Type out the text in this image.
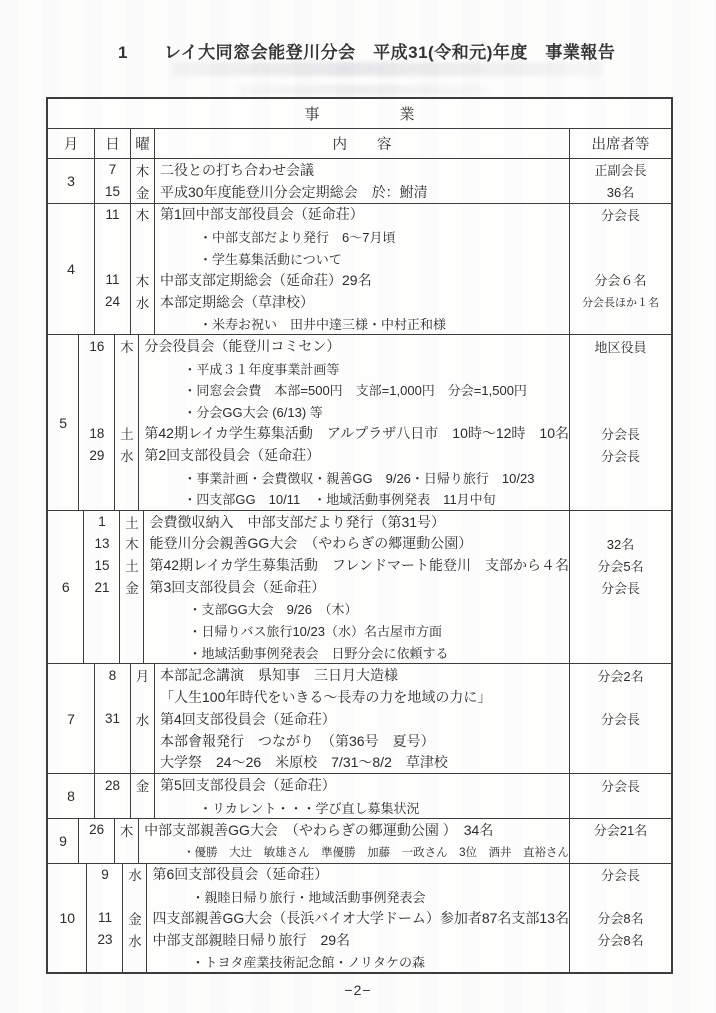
1 レイ大同窓会能登川分会　平成31(令和元)年度　事業報告
事	業
月	日	曜	内 容	出席者等
3
7	木 二役との打ち合わせ会議	正副会長
15	金 平成30年度能登川分会定期総会　於：鮒清	36名
4
11	木 第1回中部支部役員会（延命荘）	分会長
・中部支部だより発行　6～7月頃
・学生募集活動について
11	木 中部支部定期総会（延命荘）29名	分会６名
24	水 本部定期総会（草津校）	分会長ほか１名
・米寿お祝い　田井中達三様・中村正和様
5
16	木 分会役員会（能登川コミセン）	地区役員
・平成３１年度事業計画等
・同窓会会費　本部=500円　支部=1,000円　分会=1,500円
・分会GG大会 (6/13) 等
18	土 第42期レイカ学生募集活動　アルプラザ八日市　10時～12時　10名	分会長
29	水 第2回支部役員会（延命荘）	分会長
・事業計画・会費徴収・親善GG　9/26・日帰り旅行　10/23
・四支部GG　10/11　・地域活動事例発表　11月中旬
6
1	土 会費徴収納入　中部支部だより発行（第31号）
13	木 能登川分会親善GG大会　（やわらぎの郷運動公園）	32名
15	土 第42期レイカ学生募集活動　フレンドマート能登川　支部から４名	分会5名
21	金 第3回支部役員会（延命荘）	分会長
・支部GG大会　9/26　（木）
・日帰りバス旅行10/23（水）名古屋市方面
・地域活動事例発表会　日野分会に依頼する
7
8	月 本部記念講演　県知事　三日月大造様	分会2名
「人生100年時代をいきる～長寿の力を地域の力に」
31	水 第4回支部役員会（延命荘）	分会長
本部會報発行　つながり　（第36号　夏号）
大学祭　24～26　米原校　7/31～8/2　草津校
8
28	金 第5回支部役員会（延命荘）	分会長
・リカレント・・・学び直し募集状況
9
26	木 中部支部親善GG大会　（やわらぎの郷運動公園 ）　34名	分会21名
・優勝　大辻　敏雄さん　準優勝　加藤　一政さん　3位　酒井　直裕さん
10
9	水 第6回支部役員会（延命荘）	分会長
・親睦日帰り旅行・地域活動事例発表会
11	金 四支部親善GG大会（長浜バイオ大学ドーム）参加者87名支部13名	分会8名
23	水 中部支部親睦日帰り旅行　29名	分会8名
・トヨタ産業技術記念館・ノリタケの森
−2−
